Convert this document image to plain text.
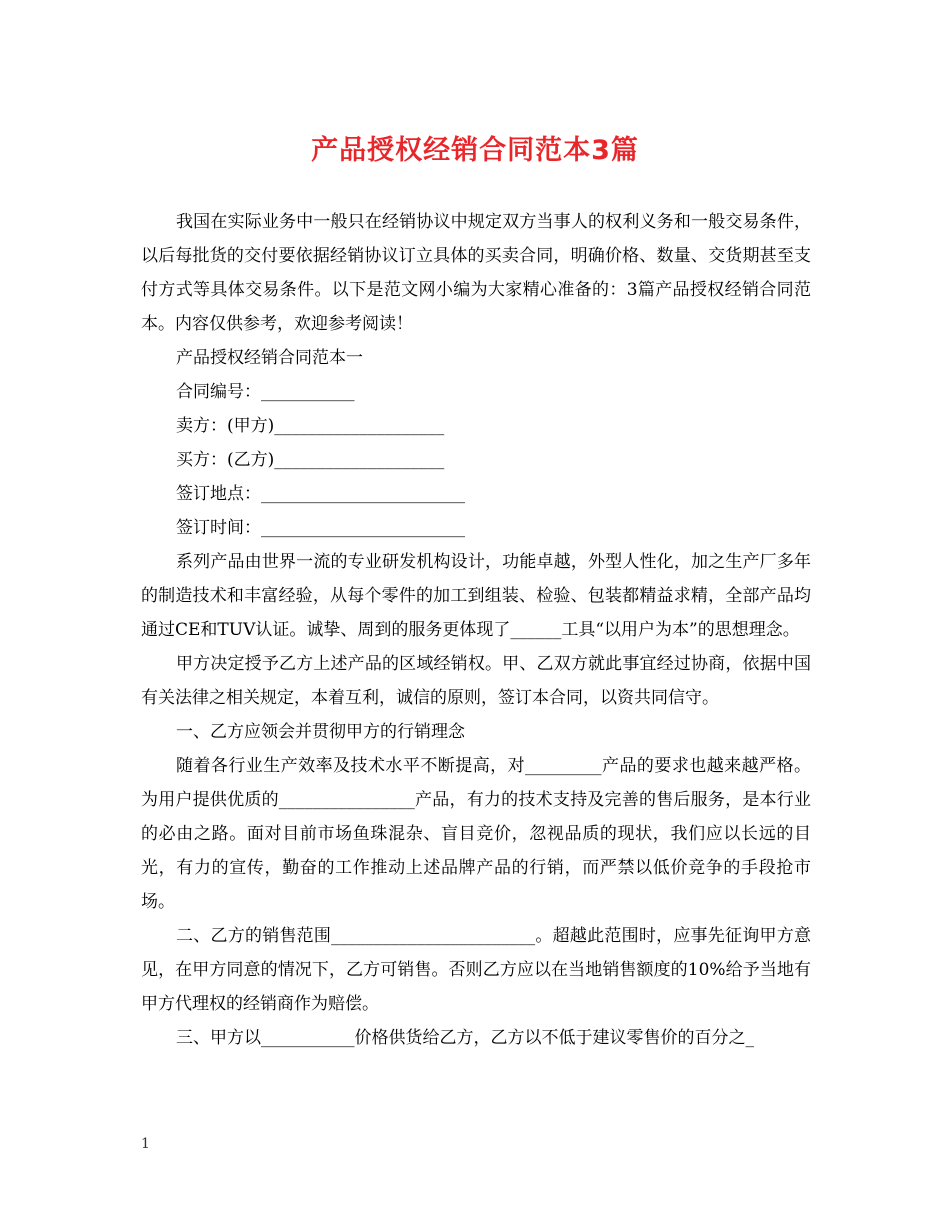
产品授权经销合同范本3篇

我国在实际业务中一般只在经销协议中规定双方当事人的权利义务和一般交易条件，以后每批货的交付要依据经销协议订立具体的买卖合同，明确价格、数量、交货期甚至支付方式等具体交易条件。以下是范文网小编为大家精心准备的：3篇产品授权经销合同范本。内容仅供参考，欢迎参考阅读！

产品授权经销合同范本一

合同编号：___________

卖方：(甲方)____________________

买方：(乙方)____________________

签订地点：________________________

签订时间：________________________

系列产品由世界一流的专业研发机构设计，功能卓越，外型人性化，加之生产厂多年的制造技术和丰富经验，从每个零件的加工到组装、检验、包装都精益求精，全部产品均通过CE和TUV认证。诚挚、周到的服务更体现了______工具“以用户为本”的思想理念。

甲方决定授予乙方上述产品的区域经销权。甲、乙双方就此事宜经过协商，依据中国有关法律之相关规定，本着互利，诚信的原则，签订本合同，以资共同信守。

一、乙方应领会并贯彻甲方的行销理念

随着各行业生产效率及技术水平不断提高，对_________产品的要求也越来越严格。为用户提供优质的________________产品，有力的技术支持及完善的售后服务，是本行业的必由之路。面对目前市场鱼珠混杂、盲目竞价，忽视品质的现状，我们应以长远的目光，有力的宣传，勤奋的工作推动上述品牌产品的行销，而严禁以低价竞争的手段抢市场。

二、乙方的销售范围________________________。超越此范围时，应事先征询甲方意见，在甲方同意的情况下，乙方可销售。否则乙方应以在当地销售额度的10%给予当地有甲方代理权的经销商作为赔偿。

三、甲方以___________价格供货给乙方，乙方以不低于建议零售价的百分之_

1
